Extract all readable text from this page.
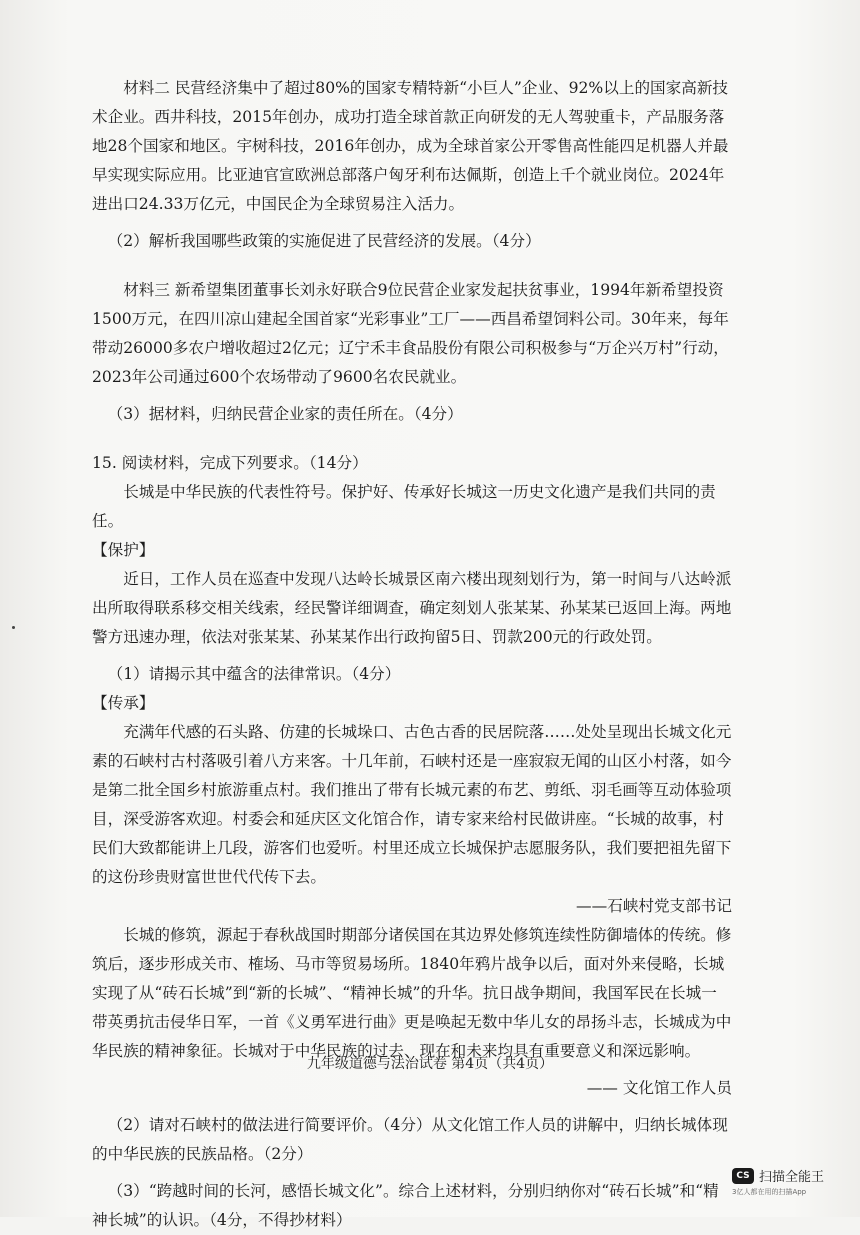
材料二 民营经济集中了超过80%的国家专精特新“小巨人”企业、92%以上的国家高新技术企业。西井科技，2015年创办，成功打造全球首款正向研发的无人驾驶重卡，产品服务落地28个国家和地区。宇树科技，2016年创办，成为全球首家公开零售高性能四足机器人并最早实现实际应用。比亚迪官宣欧洲总部落户匈牙利布达佩斯，创造上千个就业岗位。2024年进出口24.33万亿元，中国民企为全球贸易注入活力。

（2）解析我国哪些政策的实施促进了民营经济的发展。（4分）

材料三 新希望集团董事长刘永好联合9位民营企业家发起扶贫事业，1994年新希望投资1500万元，在四川凉山建起全国首家“光彩事业”工厂——西昌希望饲料公司。30年来，每年带动26000多农户增收超过2亿元；辽宁禾丰食品股份有限公司积极参与“万企兴万村”行动，2023年公司通过600个农场带动了9600名农民就业。

（3）据材料，归纳民营企业家的责任所在。（4分）

15. 阅读材料，完成下列要求。（14分）

长城是中华民族的代表性符号。保护好、传承好长城这一历史文化遗产是我们共同的责任。

【保护】

近日，工作人员在巡查中发现八达岭长城景区南六楼出现刻划行为，第一时间与八达岭派出所取得联系移交相关线索，经民警详细调查，确定刻划人张某某、孙某某已返回上海。两地警方迅速办理，依法对张某某、孙某某作出行政拘留5日、罚款200元的行政处罚。

（1）请揭示其中蕴含的法律常识。（4分）

【传承】

充满年代感的石头路、仿建的长城垛口、古色古香的民居院落……处处呈现出长城文化元素的石峡村古村落吸引着八方来客。十几年前，石峡村还是一座寂寂无闻的山区小村落，如今是第二批全国乡村旅游重点村。我们推出了带有长城元素的布艺、剪纸、羽毛画等互动体验项目，深受游客欢迎。村委会和延庆区文化馆合作，请专家来给村民做讲座。“长城的故事，村民们大致都能讲上几段，游客们也爱听。村里还成立长城保护志愿服务队，我们要把祖先留下的这份珍贵财富世世代代传下去。

——石峡村党支部书记

长城的修筑，源起于春秋战国时期部分诸侯国在其边界处修筑连续性防御墙体的传统。修筑后，逐步形成关市、榷场、马市等贸易场所。1840年鸦片战争以后，面对外来侵略，长城实现了从“砖石长城”到“新的长城”、“精神长城”的升华。抗日战争期间，我国军民在长城一带英勇抗击侵华日军，一首《义勇军进行曲》更是唤起无数中华儿女的昂扬斗志，长城成为中华民族的精神象征。长城对于中华民族的过去、现在和未来均具有重要意义和深远影响。

—— 文化馆工作人员

（2）请对石峡村的做法进行简要评价。（4分）从文化馆工作人员的讲解中，归纳长城体现的中华民族的民族品格。（2分）

（3）“跨越时间的长河，感悟长城文化”。综合上述材料，分别归纳你对“砖石长城”和“精神长城”的认识。（4分，不得抄材料）

九年级道德与法治试卷 第4页（共4页）
CS 扫描全能王
3亿人都在用的扫描App
